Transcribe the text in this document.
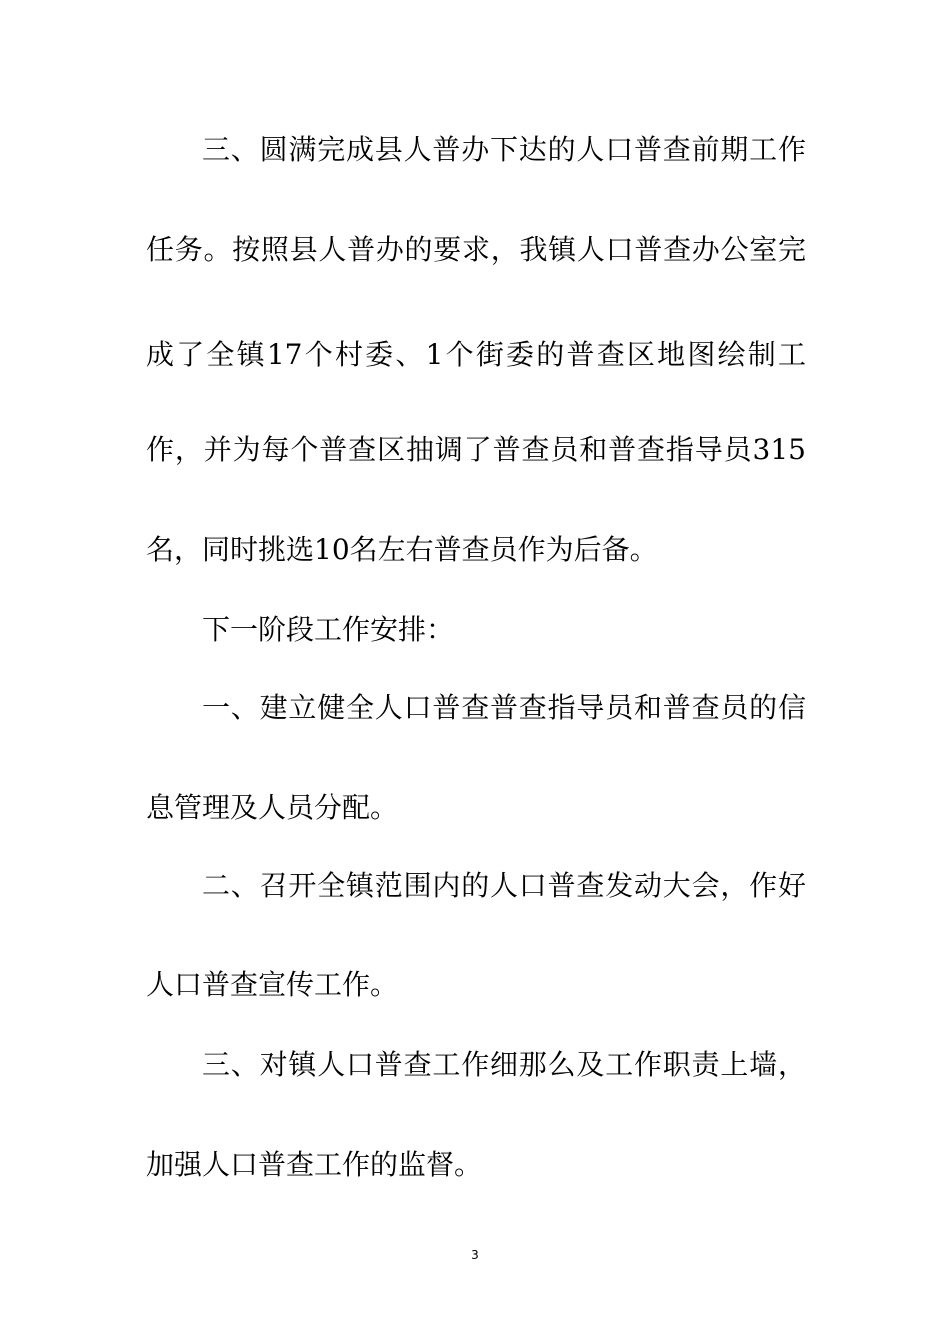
三、圆满完成县人普办下达的人口普查前期工作
任务。按照县人普办的要求，我镇人口普查办公室完
成了全镇17个村委、1个街委的普查区地图绘制工
作，并为每个普查区抽调了普查员和普查指导员315
名，同时挑选10名左右普查员作为后备。
下一阶段工作安排：
一、建立健全人口普查普查指导员和普查员的信
息管理及人员分配。
二、召开全镇范围内的人口普查发动大会，作好
人口普查宣传工作。
三、对镇人口普查工作细那么及工作职责上墙，
加强人口普查工作的监督。
3
